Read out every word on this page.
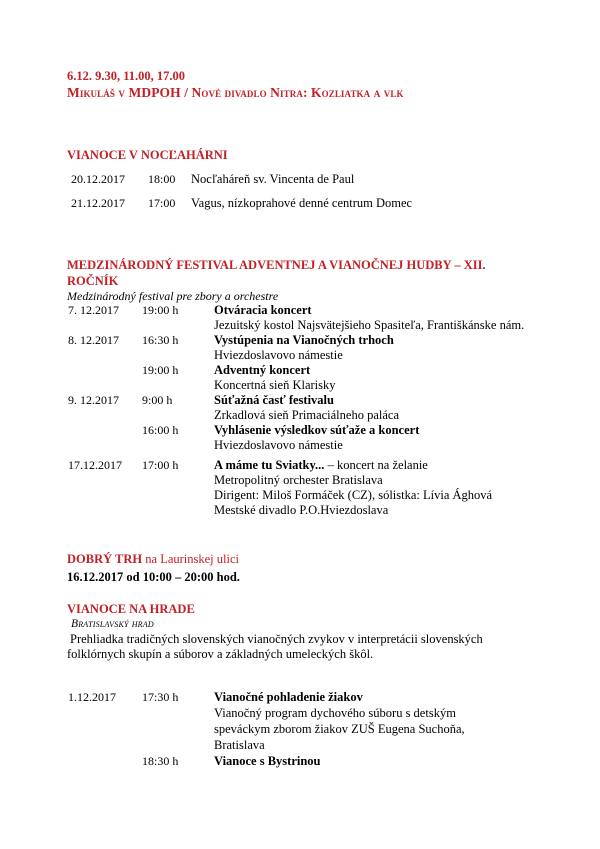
6.12. 9.30, 11.00, 17.00
Mikuláš v MDPOH / Nové divadlo Nitra: Kozliatka a vlk
VIANOCE V NOCĽAHÁRNI
20.12.2017 18:00 Nocľaháreň sv. Vincenta de Paul
21.12.2017 17:00 Vagus, nízkoprahové denné centrum Domec
MEDZINÁRODNÝ FESTIVAL ADVENTNEJ A VIANOČNEJ HUDBY – XII.
ROČNÍK
Medzinárodný festival pre zbory a orchestre
7. 12.2017 19:00 h	Otváracia koncert
Jezuitský kostol Najsvätejšieho Spasiteľa, Františkánske nám.
8. 12.2017 16:30 h	Vystúpenia na Vianočných trhoch
Hviezdoslavovo námestie
19:00 h	Adventný koncert
Koncertná sieň Klarisky
9. 12.2017 9:00 h	Súťažná časť festivalu
Zrkadlová sieň Primaciálneho paláca
16:00 h	Vyhlásenie výsledkov súťaže a koncert
Hviezdoslavovo námestie
17.12.2017 17:00 h	A máme tu Sviatky... – koncert na želanie
Metropolitný orchester Bratislava
Dirigent: Miloš Formáček (CZ), sólistka: Lívia Ághová
Mestské divadlo P.O.Hviezdoslava
DOBRÝ TRH na Laurinskej ulici
16.12.2017 od 10:00 – 20:00 hod.
VIANOCE NA HRADE
Bratislavský hrad
Prehliadka tradičných slovenských vianočných zvykov v interpretácii slovenských
folklórnych skupín a súborov a základných umeleckých škôl.
1.12.2017 17:30 h	Vianočné pohladenie žiakov
Vianočný program dychového súboru s detským
speváckym zborom žiakov ZUŠ Eugena Suchoňa,
Bratislava
18:30 h	Vianoce s Bystrinou
